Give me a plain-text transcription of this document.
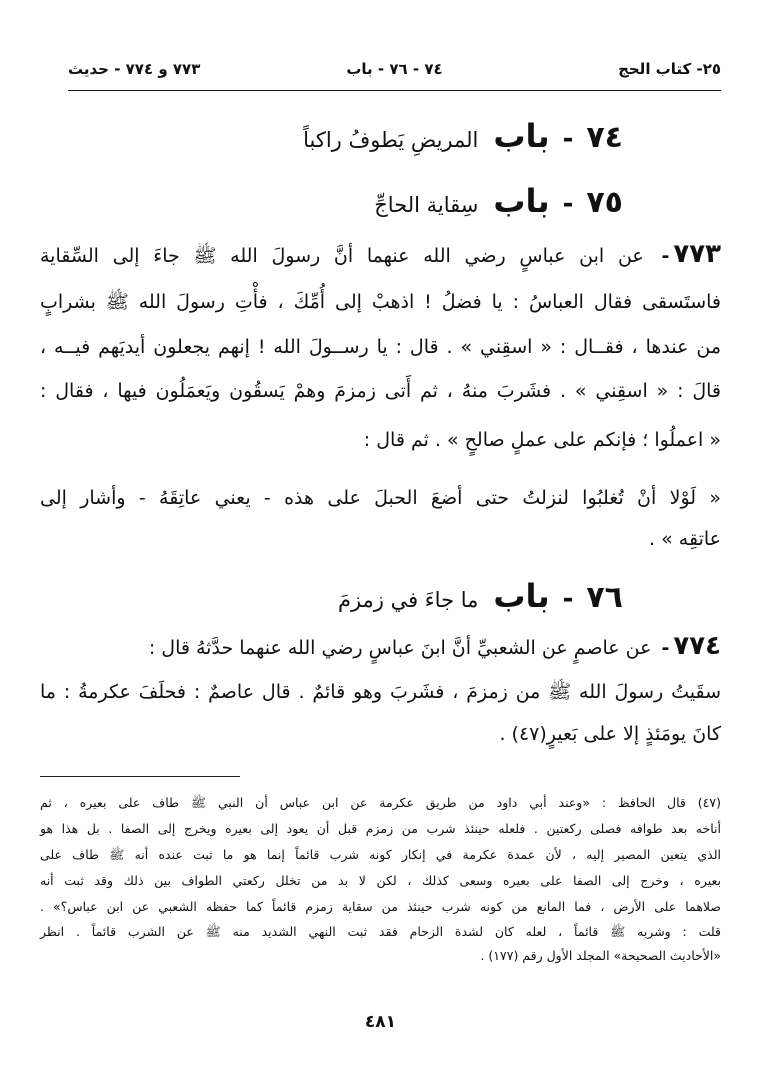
٢٥- كتاب الحج
٧٤ - ٧٦ - باب
٧٧٣ و ٧٧٤ - حديث
٧٤ - باب المريضِ يَطوفُ راكباً
٧٥ - باب سِقاية الحاجِّ
٧٧٣- عن ابن عباسٍ رضي الله عنهما أنَّ رسولَ الله ﷺ جاءَ إلى السِّقاية
فاستَسقى فقال العباسُ : يا فضلُ ! اذهبْ إلى أُمِّكَ ، فأْتِ رسولَ الله ﷺ بشرابٍ
من عندها ، فقــال : « اسقِني » . قال : يا رســولَ الله ! إنهم يجعلون أيديَهم فيــه ،
قالَ : « اسقِني » . فشَربَ منهُ ، ثم أَتى زمزمَ وهمْ يَسقُون ويَعمَلُون فيها ، فقال :
« اعملُوا ؛ فإنكم على عملٍ صالحٍ » . ثم قال :
« لَوْلا أنْ تُغلبُوا لنزلتُ حتى أضعَ الحبلَ على هذه - يعني عاتِقَهُ - وأشار إلى
عاتقِه » .
٧٦ - باب ما جاءَ في زمزمَ
٧٧٤- عن عاصمٍ عن الشعبيِّ أنَّ ابنَ عباسٍ رضي الله عنهما حدَّثهُ قال :
سقَيتُ رسولَ الله ﷺ من زمزمَ ، فشَربَ وهو قائمٌ . قال عاصمٌ : فحلَفَ عكرمةُ : ما
كانَ يومَئذٍ إلا على بَعيرٍ(٤٧) .
(٤٧) قال الحافظ : «وعند أبي داود من طريق عكرمة عن ابن عباس أن النبي ﷺ طاف على بعيره ، ثم
أناخه بعد طوافه فصلى ركعتين . فلعله حينئذ شرب من زمزم قبل أن يعود إلى بعيره ويخرج إلى الصفا . بل هذا هو
الذي يتعين المصير إليه ، لأن عمدة عكرمة في إنكار كونه شرب قائماً إنما هو ما ثبت عنده أنه ﷺ طاف على
بعيره ، وخرج إلى الصفا على بعيره وسعى كذلك ، لكن لا بد من تخلل ركعتي الطواف بين ذلك وقد ثبت أنه
صلاهما على الأرض ، فما المانع من كونه شرب حينئذ من سقاية زمزم قائماً كما حفظه الشعبي عن ابن عباس؟» .
قلت : وشربه ﷺ قائماً ، لعله كان لشدة الزحام فقد ثبت النهي الشديد منه ﷺ عن الشرب قائماً . انظر
«الأحاديث الصحيحة» المجلد الأول رقم (١٧٧) .
٤٨١
